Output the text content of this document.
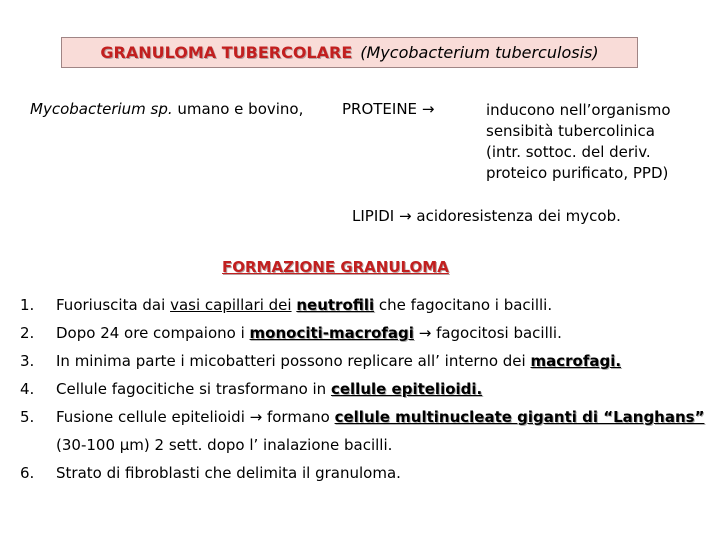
GRANULOMA TUBERCOLARE (Mycobacterium tuberculosis)
Mycobacterium sp. umano e bovino,	PROTEINE →	inducono nell’organismo
sensibità tubercolinica
(intr. sottoc. del deriv.
proteico purificato, PPD)
LIPIDI → acidoresistenza dei mycob.
FORMAZIONE GRANULOMA
1. Fuoriuscita dai vasi capillari dei neutrofili che fagocitano i bacilli.
2. Dopo 24 ore compaiono i monociti-macrofagi → fagocitosi bacilli.
3. In minima parte i micobatteri possono replicare all’ interno dei macrofagi.
4. Cellule fagocitiche si trasformano in cellule epitelioidi.
5. Fusione cellule epitelioidi → formano cellule multinucleate giganti di “Langhans”
(30-100 μm) 2 sett. dopo l’ inalazione bacilli.
6. Strato di fibroblasti che delimita il granuloma.
